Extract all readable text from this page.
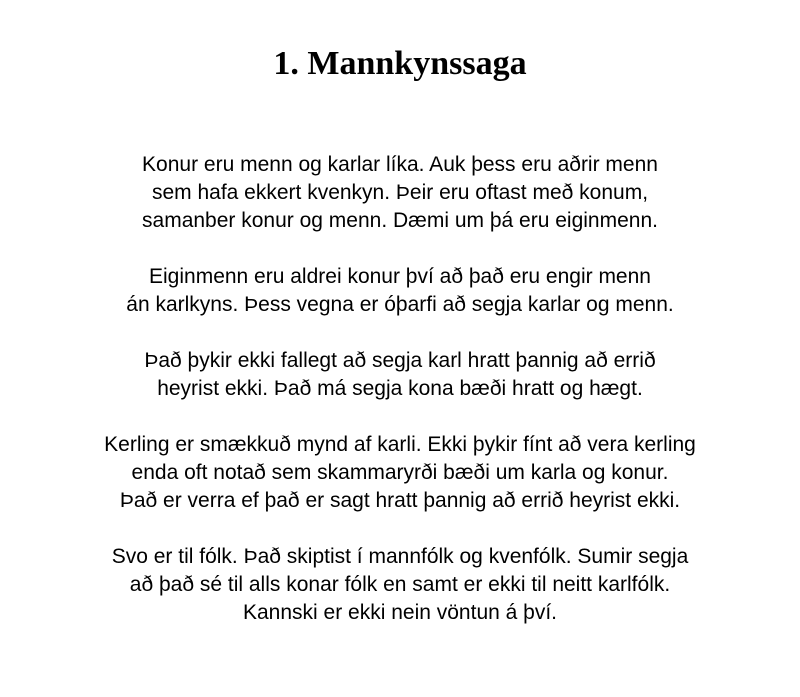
1. Mannkynssaga

Konur eru menn og karlar líka. Auk þess eru aðrir menn
sem hafa ekkert kvenkyn. Þeir eru oftast með konum,
samanber konur og menn. Dæmi um þá eru eiginmenn.

Eiginmenn eru aldrei konur því að það eru engir menn
án karlkyns. Þess vegna er óþarfi að segja karlar og menn.

Það þykir ekki fallegt að segja karl hratt þannig að errið
heyrist ekki. Það má segja kona bæði hratt og hægt.

Kerling er smækkuð mynd af karli. Ekki þykir fínt að vera kerling
enda oft notað sem skammaryrði bæði um karla og konur.
Það er verra ef það er sagt hratt þannig að errið heyrist ekki.

Svo er til fólk. Það skiptist í mannfólk og kvenfólk. Sumir segja
að það sé til alls konar fólk en samt er ekki til neitt karlfólk.
Kannski er ekki nein vöntun á því.
